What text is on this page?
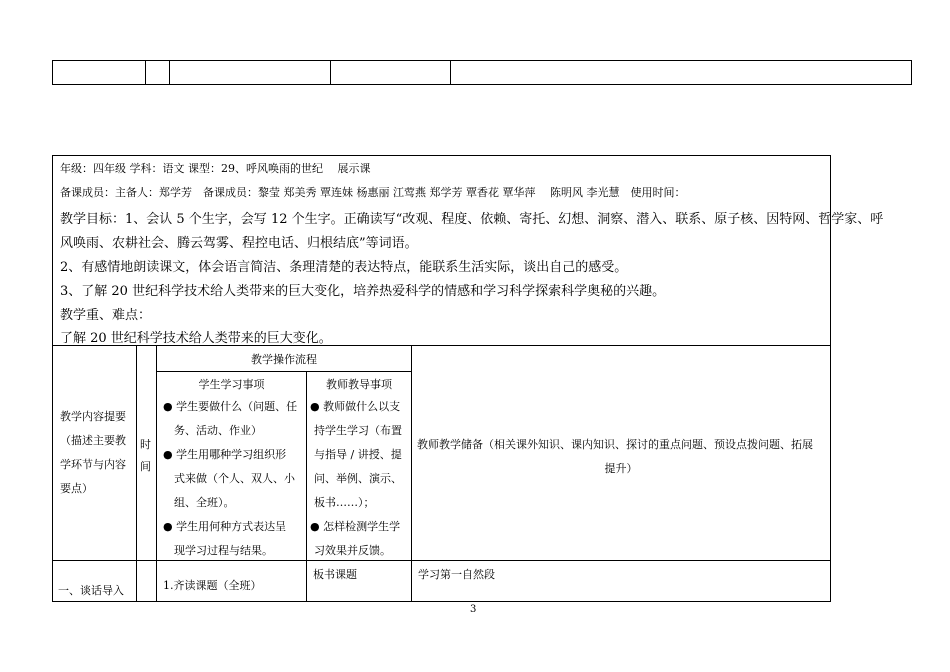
年级：四年级 学科：语文 课型：29、呼风唤雨的世纪　 展示课
备课成员：主备人：郑学芳　备课成员：黎莹 郑美秀 覃连妹 杨惠丽 江莺燕 郑学芳 覃香花 覃华萍　 陈明风 李光慧　使用时间：
教学目标：1、会认 5 个生字，会写 12 个生字。正确读写“改观、程度、依赖、寄托、幻想、洞察、潜入、联系、原子核、因特网、哲学家、呼
风唤雨、农耕社会、腾云驾雾、程控电话、归根结底”等词语。
2、有感情地朗读课文，体会语言简洁、条理清楚的表达特点，能联系生活实际，谈出自己的感受。
3、了解 20 世纪科学技术给人类带来的巨大变化，培养热爱科学的情感和学习科学探索科学奥秘的兴趣。
教学重、难点：
了解 20 世纪科学技术给人类带来的巨大变化。
教学内容提要
（描述主要教
学环节与内容
要点）
时
间
教学操作流程
学生学习事项
● 学生要做什么（问题、任
务、活动、作业）
● 学生用哪种学习组织形
式来做（个人、双人、小
组、全班）。
● 学生用何种方式表达呈
现学习过程与结果。
教师教导事项
● 教师做什么以支
持学生学习（布置
与指导 / 讲授、提
问、举例、演示、
板书……）；
● 怎样检测学生学
习效果并反馈。
教师教学储备（相关课外知识、课内知识、探讨的重点问题、预设点拨问题、拓展
提升）
一、谈话导入	1.齐读课题（全班）
板书课题	学习第一自然段
3
